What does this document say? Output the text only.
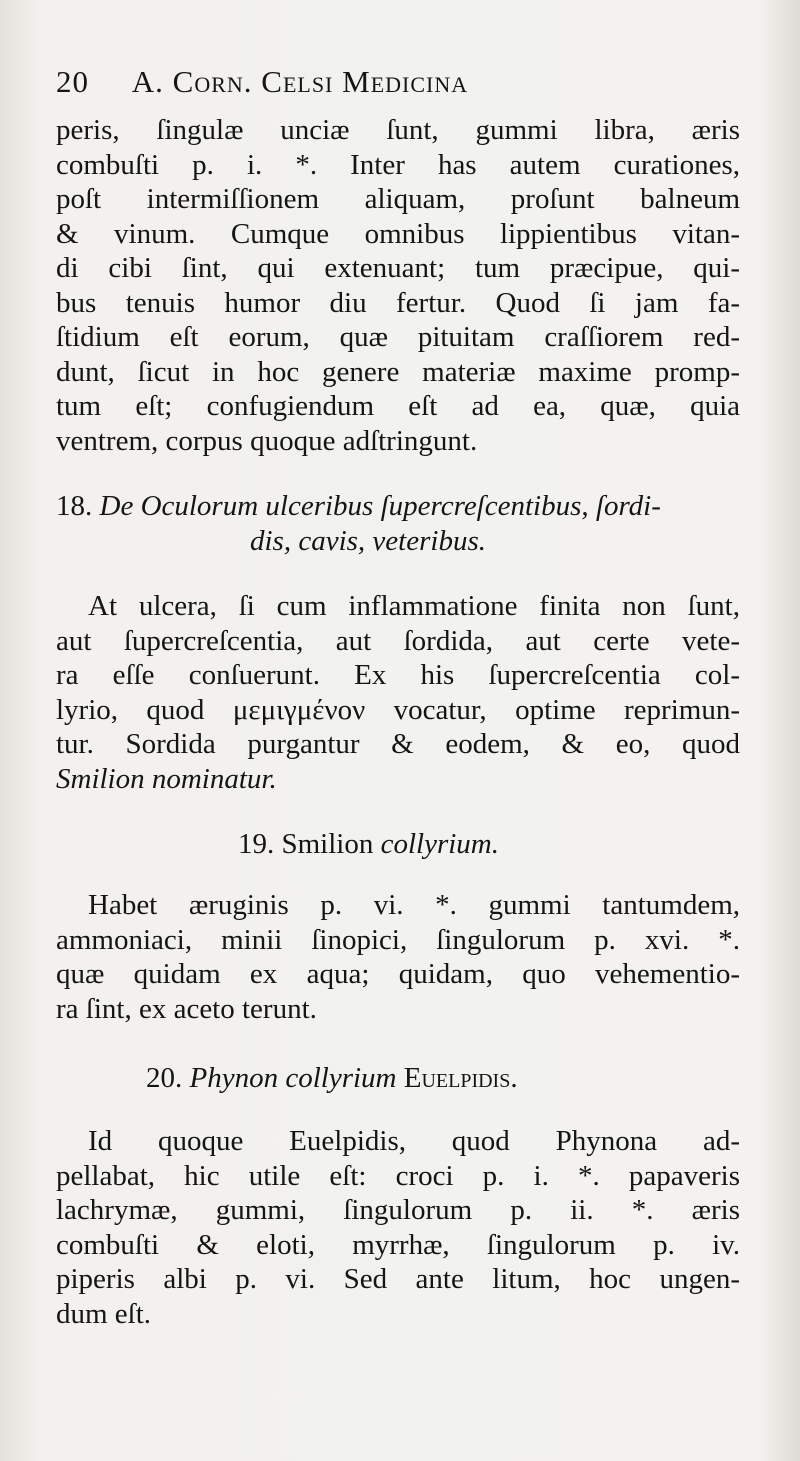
20 A. Corn. Celsi Medicina
peris, ſingulæ unciæ ſunt, gummi libra, æris
combuſti p. i. *. Inter has autem curationes,
poſt intermiſſionem aliquam, proſunt balneum
& vinum. Cumque omnibus lippientibus vitan-
di cibi ſint, qui extenuant; tum præcipue, qui-
bus tenuis humor diu fertur. Quod ſi jam fa-
ſtidium eſt eorum, quæ pituitam craſſiorem red-
dunt, ſicut in hoc genere materiæ maxime promp-
tum eſt; confugiendum eſt ad ea, quæ, quia
ventrem, corpus quoque adſtringunt.
18. De Oculorum ulceribus ſupercreſcentibus, ſordi-
dis, cavis, veteribus.
At ulcera, ſi cum inflammatione finita non ſunt,
aut ſupercreſcentia, aut ſordida, aut certe vete-
ra eſſe conſuerunt. Ex his ſupercreſcentia col-
lyrio, quod μεμιγμένον vocatur, optime reprimun-
tur. Sordida purgantur & eodem, & eo, quod
Smilion nominatur.
19. Smilion collyrium.
Habet æruginis p. vi. *. gummi tantumdem,
ammoniaci, minii ſinopici, ſingulorum p. xvi. *.
quæ quidam ex aqua; quidam, quo vehementio-
ra ſint, ex aceto terunt.
20. Phynon collyrium Euelpidis.
Id quoque Euelpidis, quod Phynona ad-
pellabat, hic utile eſt: croci p. i. *. papaveris
lachrymæ, gummi, ſingulorum p. ii. *. æris
combuſti & eloti, myrrhæ, ſingulorum p. iv.
piperis albi p. vi. Sed ante litum, hoc ungen-
dum eſt.
